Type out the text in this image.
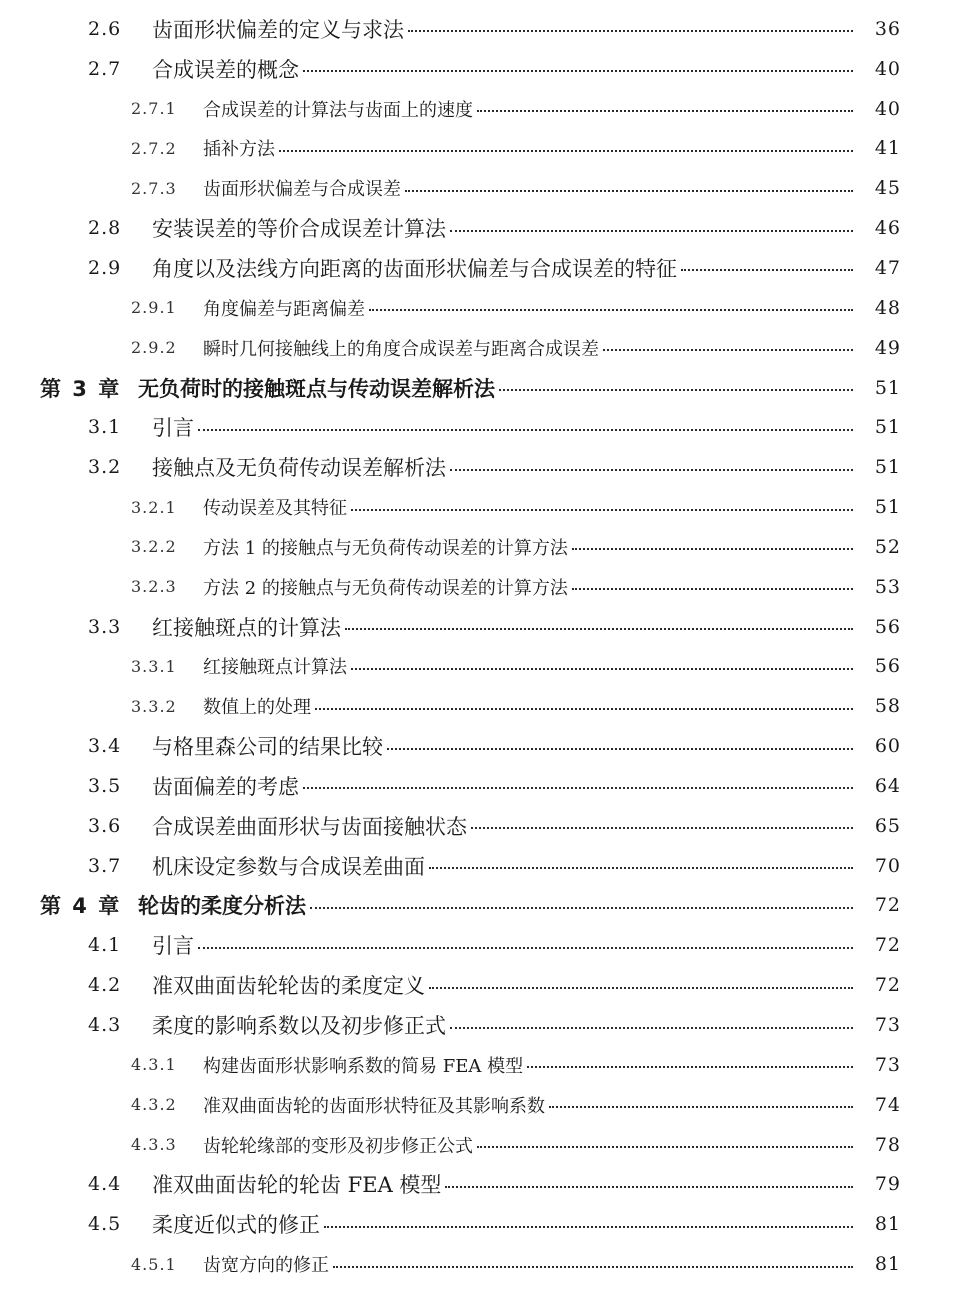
2.6	齿面形状偏差的定义与求法	36
2.7	合成误差的概念	40
2.7.1	合成误差的计算法与齿面上的速度	40
2.7.2	插补方法	41
2.7.3	齿面形状偏差与合成误差	45
2.8	安装误差的等价合成误差计算法	46
2.9	角度以及法线方向距离的齿面形状偏差与合成误差的特征	47
2.9.1	角度偏差与距离偏差	48
2.9.2	瞬时几何接触线上的角度合成误差与距离合成误差	49
第 3 章 无负荷时的接触斑点与传动误差解析法	51
3.1	引言	51
3.2	接触点及无负荷传动误差解析法	51
3.2.1	传动误差及其特征	51
3.2.2	方法 1 的接触点与无负荷传动误差的计算方法	52
3.2.3	方法 2 的接触点与无负荷传动误差的计算方法	53
3.3	红接触斑点的计算法	56
3.3.1	红接触斑点计算法	56
3.3.2	数值上的处理	58
3.4	与格里森公司的结果比较	60
3.5	齿面偏差的考虑	64
3.6	合成误差曲面形状与齿面接触状态	65
3.7	机床设定参数与合成误差曲面	70
第 4 章 轮齿的柔度分析法	72
4.1	引言	72
4.2	准双曲面齿轮轮齿的柔度定义	72
4.3	柔度的影响系数以及初步修正式	73
4.3.1	构建齿面形状影响系数的简易 FEA 模型	73
4.3.2	准双曲面齿轮的齿面形状特征及其影响系数	74
4.3.3	齿轮轮缘部的变形及初步修正公式	78
4.4	准双曲面齿轮的轮齿 FEA 模型	79
4.5	柔度近似式的修正	81
4.5.1	齿宽方向的修正	81
